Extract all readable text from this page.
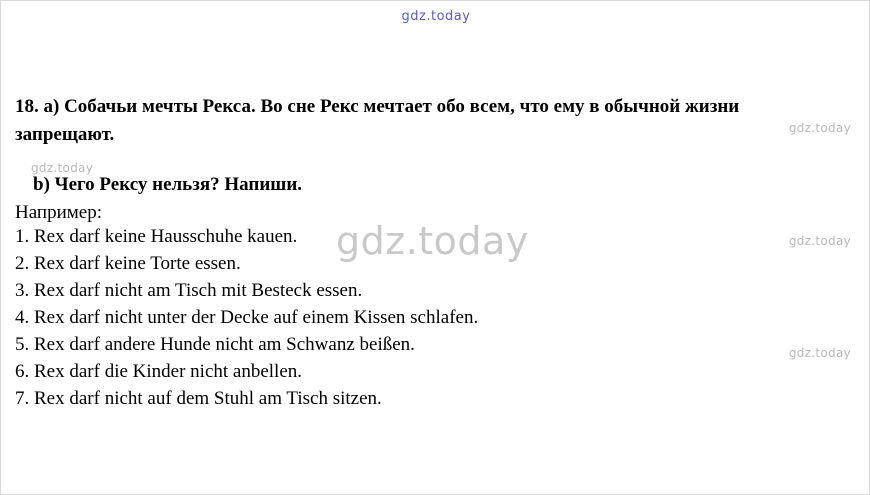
gdz.today
gdz.today
gdz.today
gdz.today
gdz.today

18. а) Собачьи мечты Рекса. Во сне Рекс мечтает обо всем, что ему в обычной жизни запрещают.

b) Чего Рексу нельзя? Напиши.

Например:

1. Rex darf keine Hausschuhe kauen.
2. Rex darf keine Torte essen.
3. Rex darf nicht am Tisch mit Besteck essen.
4. Rex darf nicht unter der Decke auf einem Kissen schlafen.
5. Rex darf andere Hunde nicht am Schwanz beißen.
6. Rex darf die Kinder nicht anbellen.
7. Rex darf nicht auf dem Stuhl am Tisch sitzen.
gdz.today
